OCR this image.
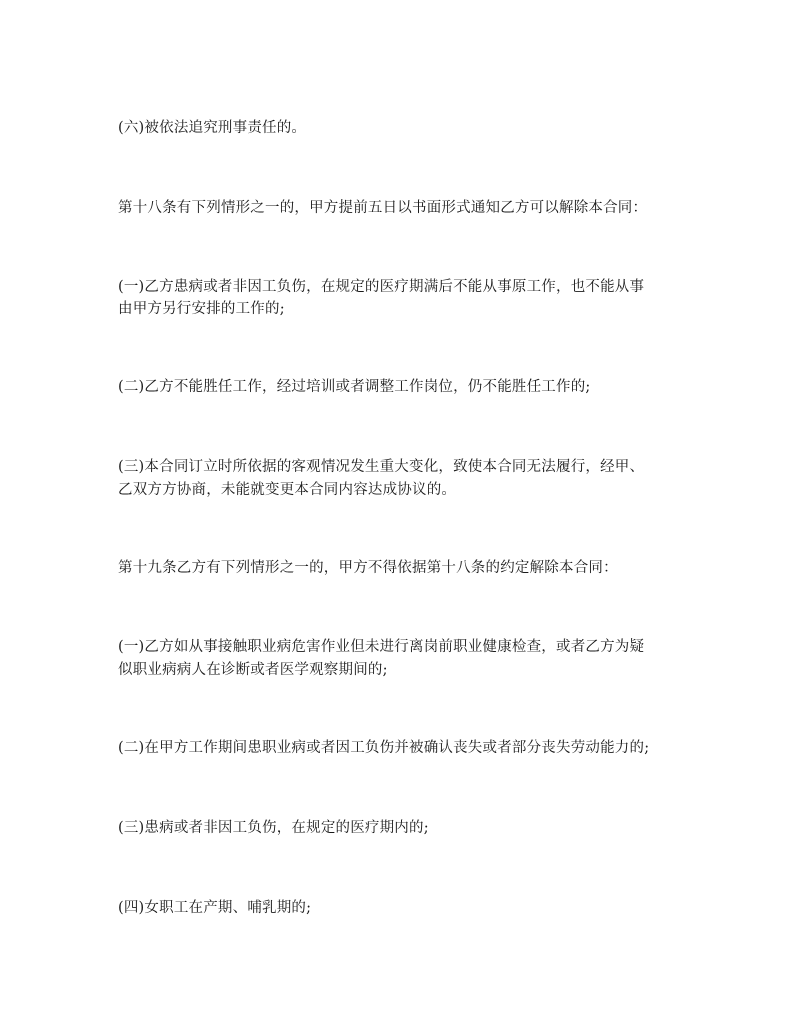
(六)被依法追究刑事责任的。
第十八条有下列情形之一的，甲方提前五日以书面形式通知乙方可以解除本合同：
(一)乙方患病或者非因工负伤，在规定的医疗期满后不能从事原工作，也不能从事
由甲方另行安排的工作的;
(二)乙方不能胜任工作，经过培训或者调整工作岗位，仍不能胜任工作的;
(三)本合同订立时所依据的客观情况发生重大变化，致使本合同无法履行，经甲、
乙双方方协商，未能就变更本合同内容达成协议的。
第十九条乙方有下列情形之一的，甲方不得依据第十八条的约定解除本合同：
(一)乙方如从事接触职业病危害作业但未进行离岗前职业健康检查，或者乙方为疑
似职业病病人在诊断或者医学观察期间的;
(二)在甲方工作期间患职业病或者因工负伤并被确认丧失或者部分丧失劳动能力的;
(三)患病或者非因工负伤，在规定的医疗期内的;
(四)女职工在产期、哺乳期的;
